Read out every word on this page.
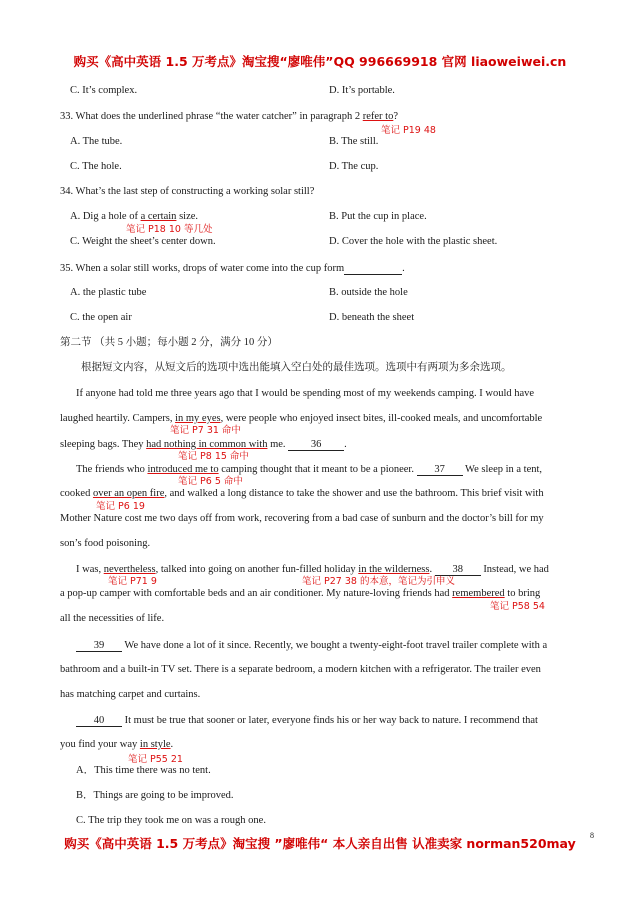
购买《高中英语 1.5 万考点》淘宝搜“廖唯伟”QQ 996669918 官网 liaoweiwei.cn
C. It’s complex.	D. It’s portable.
33. What does the underlined phrase “the water catcher” in paragraph 2 refer to?
笔记 P19 48
A. The tube.	B. The still.
C. The hole.	D. The cup.
34. What’s the last step of constructing a working solar still?
A. Dig a hole of a certain size.	B. Put the cup in place.
笔记 P18 10 等几处
C. Weight the sheet’s center down.	D. Cover the hole with the plastic sheet.
35. When a solar still works, drops of water come into the cup form	.
A. the plastic tube	B. outside the hole
C. the open air	D. beneath the sheet
第二节 （共 5 小题；每小题 2 分，满分 10 分）
根据短文内容，从短文后的选项中选出能填入空白处的最佳选项。选项中有两项为多余选项。
If anyone had told me three years ago that I would be spending most of my weekends camping. I would have
laughed heartily. Campers, in my eyes, were people who enjoyed insect bites, ill-cooked meals, and uncomfortable
笔记 P7 31 命中
sleeping bags. They had nothing in common with me. 36 .
笔记 P8 15 命中
The friends who introduced me to camping thought that it meant to be a pioneer. 37 We sleep in a tent,
笔记 P6 5 命中
cooked over an open fire, and walked a long distance to take the shower and use the bathroom. This brief visit with
笔记 P6 19
Mother Nature cost me two days off from work, recovering from a bad case of sunburn and the doctor’s bill for my
son’s food poisoning.
I was, nevertheless, talked into going on another fun-filled holiday in the wilderness. 38 Instead, we had
笔记 P71 9	笔记 P27 38 的本意，笔记为引申义
a pop-up camper with comfortable beds and an air conditioner. My nature-loving friends had remembered to bring
笔记 P58 54
all the necessities of life.
39 We have done a lot of it since. Recently, we bought a twenty-eight-foot travel trailer complete with a
bathroom and a built-in TV set. There is a separate bedroom, a modern kitchen with a refrigerator. The trailer even
has matching carpet and curtains.
40 It must be true that sooner or later, everyone finds his or her way back to nature. I recommend that
you find your way in style.
笔记 P55 21
A．This time there was no tent.
B．Things are going to be improved.
C. The trip they took me on was a rough one.
购买《高中英语 1.5 万考点》淘宝搜 ”廖唯伟“ 本人亲自出售 认准卖家 norman520may
8
